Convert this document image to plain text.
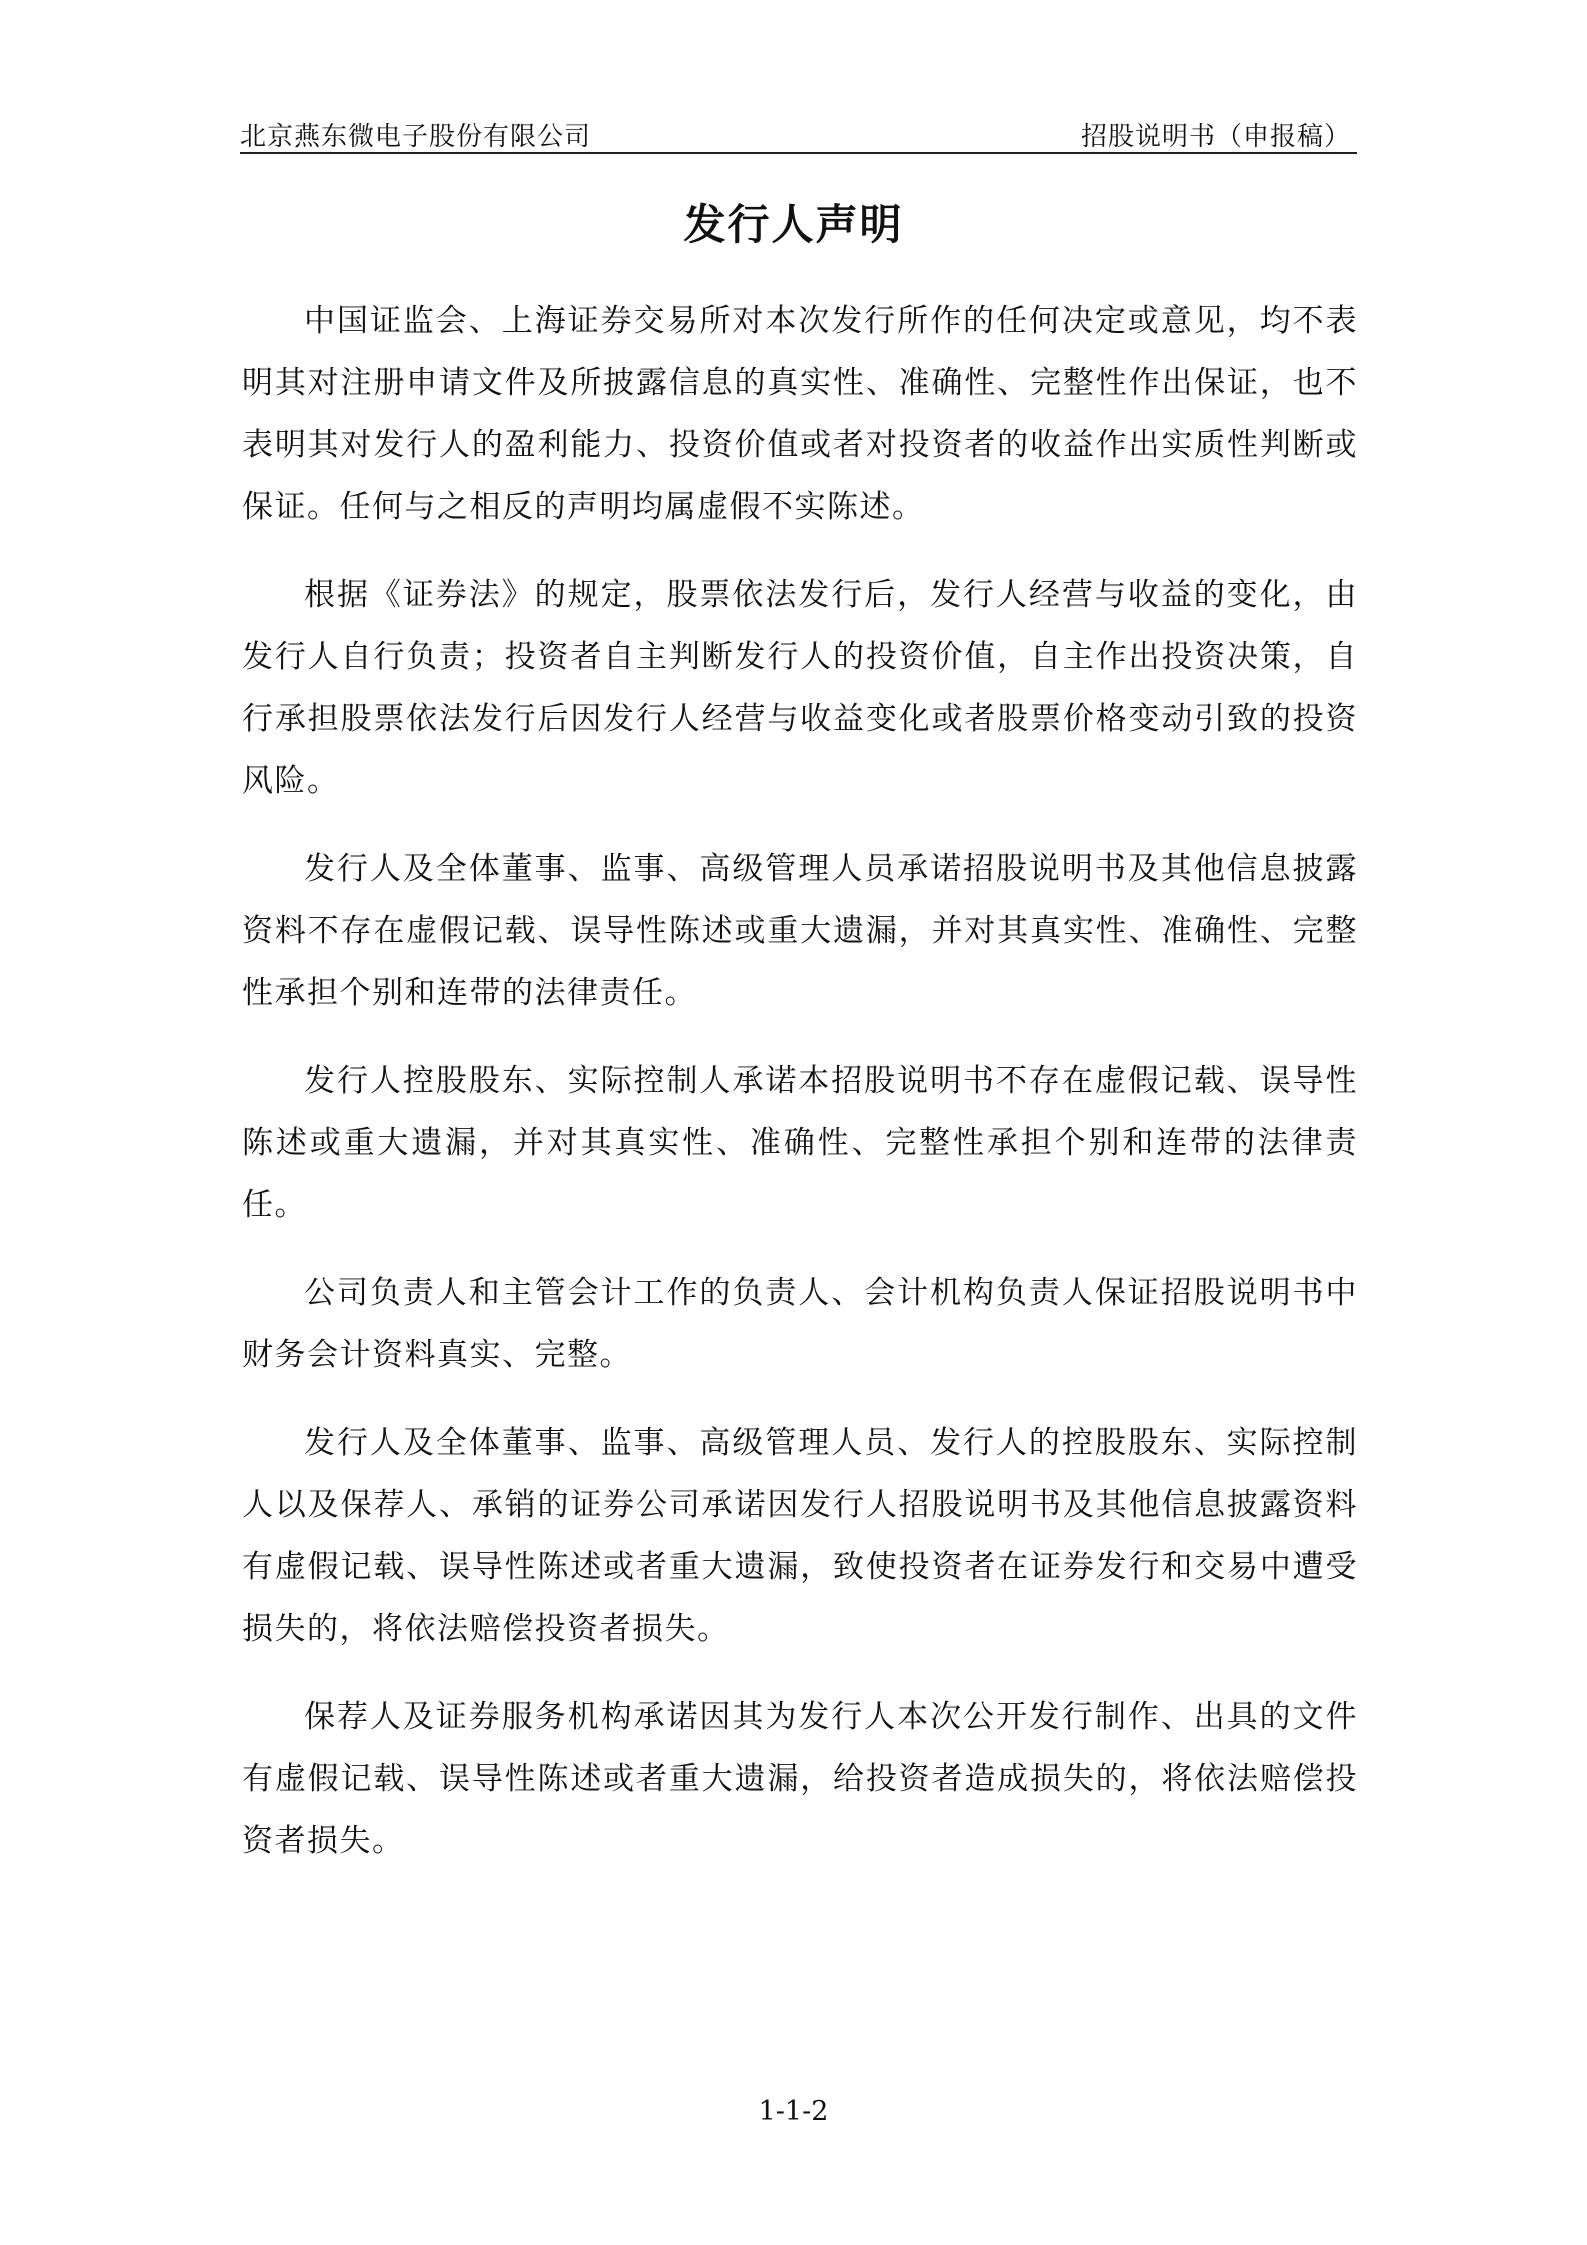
北京燕东微电子股份有限公司	招股说明书（申报稿）
发行人声明

中国证监会、上海证券交易所对本次发行所作的任何决定或意见，均不表明其对注册申请文件及所披露信息的真实性、准确性、完整性作出保证，也不表明其对发行人的盈利能力、投资价值或者对投资者的收益作出实质性判断或保证。任何与之相反的声明均属虚假不实陈述。

根据《证券法》的规定，股票依法发行后，发行人经营与收益的变化，由发行人自行负责；投资者自主判断发行人的投资价值，自主作出投资决策，自行承担股票依法发行后因发行人经营与收益变化或者股票价格变动引致的投资风险。

发行人及全体董事、监事、高级管理人员承诺招股说明书及其他信息披露资料不存在虚假记载、误导性陈述或重大遗漏，并对其真实性、准确性、完整性承担个别和连带的法律责任。

发行人控股股东、实际控制人承诺本招股说明书不存在虚假记载、误导性陈述或重大遗漏，并对其真实性、准确性、完整性承担个别和连带的法律责任。

公司负责人和主管会计工作的负责人、会计机构负责人保证招股说明书中财务会计资料真实、完整。

发行人及全体董事、监事、高级管理人员、发行人的控股股东、实际控制人以及保荐人、承销的证券公司承诺因发行人招股说明书及其他信息披露资料有虚假记载、误导性陈述或者重大遗漏，致使投资者在证券发行和交易中遭受损失的，将依法赔偿投资者损失。

保荐人及证券服务机构承诺因其为发行人本次公开发行制作、出具的文件有虚假记载、误导性陈述或者重大遗漏，给投资者造成损失的，将依法赔偿投资者损失。

1-1-2
